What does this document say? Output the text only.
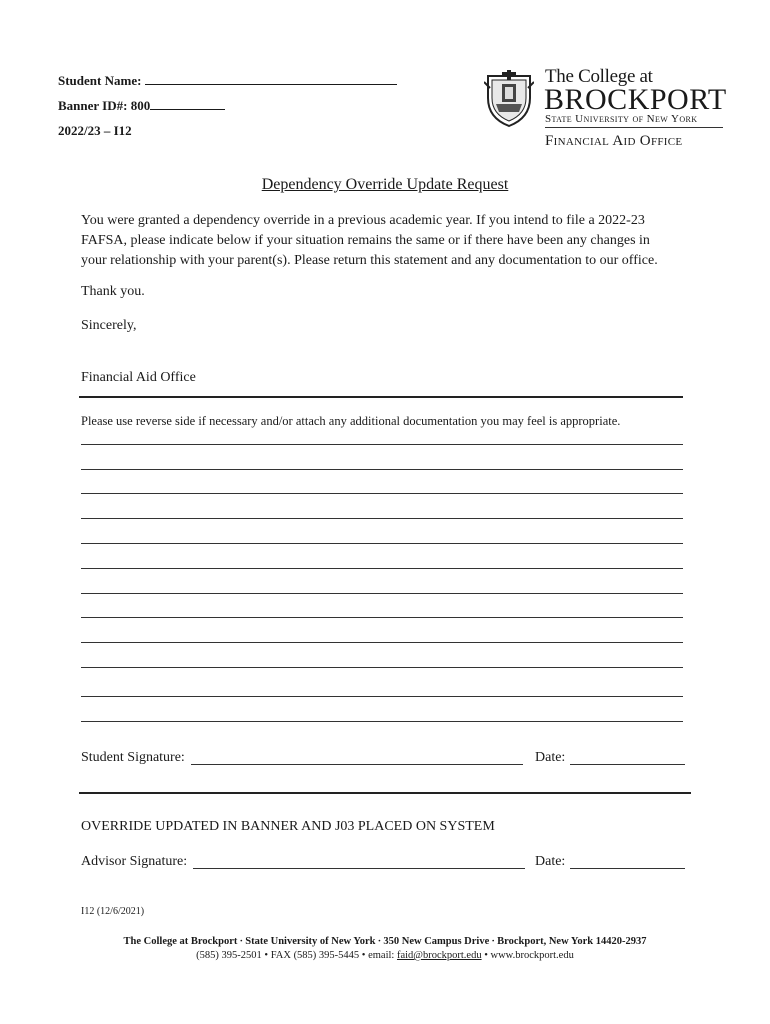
Student Name:
Banner ID#: 800
2022/23 – I12
The College at
BROCKPORT
State University of New York
Financial Aid Office
Dependency Override Update Request
You were granted a dependency override in a previous academic year. If you intend to file a 2022-23
FAFSA, please indicate below if your situation remains the same or if there have been any changes in
your relationship with your parent(s). Please return this statement and any documentation to our office.
Thank you.
Sincerely,
Financial Aid Office
Please use reverse side if necessary and/or attach any additional documentation you may feel is appropriate.
Student Signature:	Date:
OVERRIDE UPDATED IN BANNER AND J03 PLACED ON SYSTEM
Advisor Signature:	Date:
I12 (12/6/2021)
The College at Brockport ∙ State University of New York ∙ 350 New Campus Drive ∙ Brockport, New York 14420-2937
(585) 395-2501 • FAX (585) 395-5445 • email: faid@brockport.edu • www.brockport.edu
